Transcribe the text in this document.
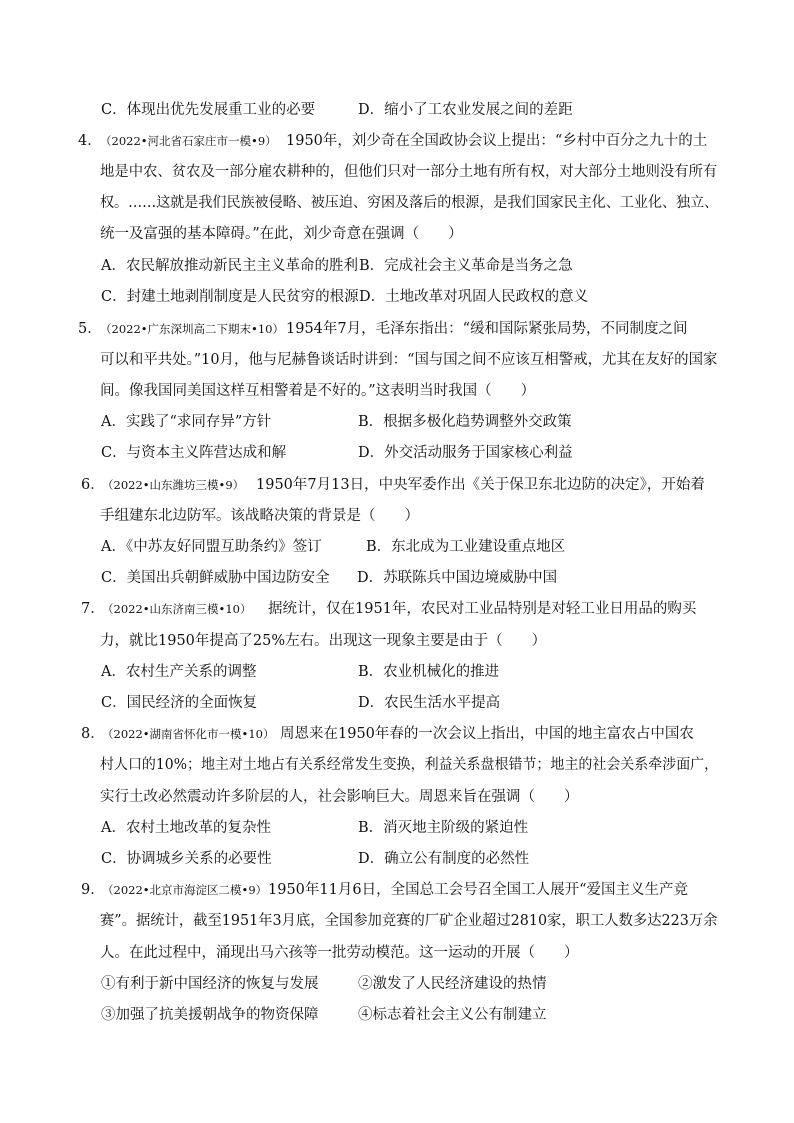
C．体现出优先发展重工业的必要	D．缩小了工农业发展之间的差距
4．
（2022•河北省石家庄市一模•9） 1950年，刘少奇在全国政协会议上提出：“乡村中百分之九十的土
地是中农、贫农及一部分雇农耕种的，但他们只对一部分土地有所有权，对大部分土地则没有所有
权。……这就是我们民族被侵略、被压迫、穷困及落后的根源，是我们国家民主化、工业化、独立、
统一及富强的基本障碍。”在此，刘少奇意在强调（　　）
A．农民解放推动新民主主义革命的胜利 B．完成社会主义革命是当务之急
C．封建土地剥削制度是人民贫穷的根源 D．土地改革对巩固人民政权的意义
5．
（2022•广东深圳高二下期末•10） 1954年7月，毛泽东指出：“缓和国际紧张局势，不同制度之间
可以和平共处。”10月，他与尼赫鲁谈话时讲到：“国与国之间不应该互相警戒，尤其在友好的国家
间。像我国同美国这样互相警着是不好的。”这表明当时我国（　　）
A．实践了“求同存异”方针	B．根据多极化趋势调整外交政策
C．与资本主义阵营达成和解	D．外交活动服务于国家核心利益
6．
（2022•山东潍坊三模•9） 1950年7月13日，中央军委作出《关于保卫东北边防的决定》，开始着
手组建东北边防军。该战略决策的背景是（　　）
A．《中苏友好同盟互助条约》签订	B．东北成为工业建设重点地区
C．美国出兵朝鲜威胁中国边防安全 D．苏联陈兵中国边境威胁中国
7．
（2022•山东济南三模•10） 据统计，仅在1951年，农民对工业品特别是对轻工业日用品的购买
力，就比1950年提高了25%左右。出现这一现象主要是由于（　　）
A．农村生产关系的调整	B．农业机械化的推进
C．国民经济的全面恢复	D．农民生活水平提高
8．
（2022•湖南省怀化市一模•10） 周恩来在1950年春的一次会议上指出，中国的地主富农占中国农
村人口的10%；地主对土地占有关系经常发生变换，利益关系盘根错节；地主的社会关系牵涉面广，
实行土改必然震动许多阶层的人，社会影响巨大。周恩来旨在强调（　　）
A．农村土地改革的复杂性	B．消灭地主阶级的紧迫性
C．协调城乡关系的必要性	D．确立公有制度的必然性
9．
（2022•北京市海淀区二模•9） 1950年11月6日，全国总工会号召全国工人展开“爱国主义生产竞
赛”。据统计，截至1951年3月底，全国参加竞赛的厂矿企业超过2810家，职工人数多达223万余
人。在此过程中，涌现出马六孩等一批劳动模范。这一运动的开展（　　）
①有利于新中国经济的恢复与发展	②激发了人民经济建设的热情
③加强了抗美援朝战争的物资保障	④标志着社会主义公有制建立
